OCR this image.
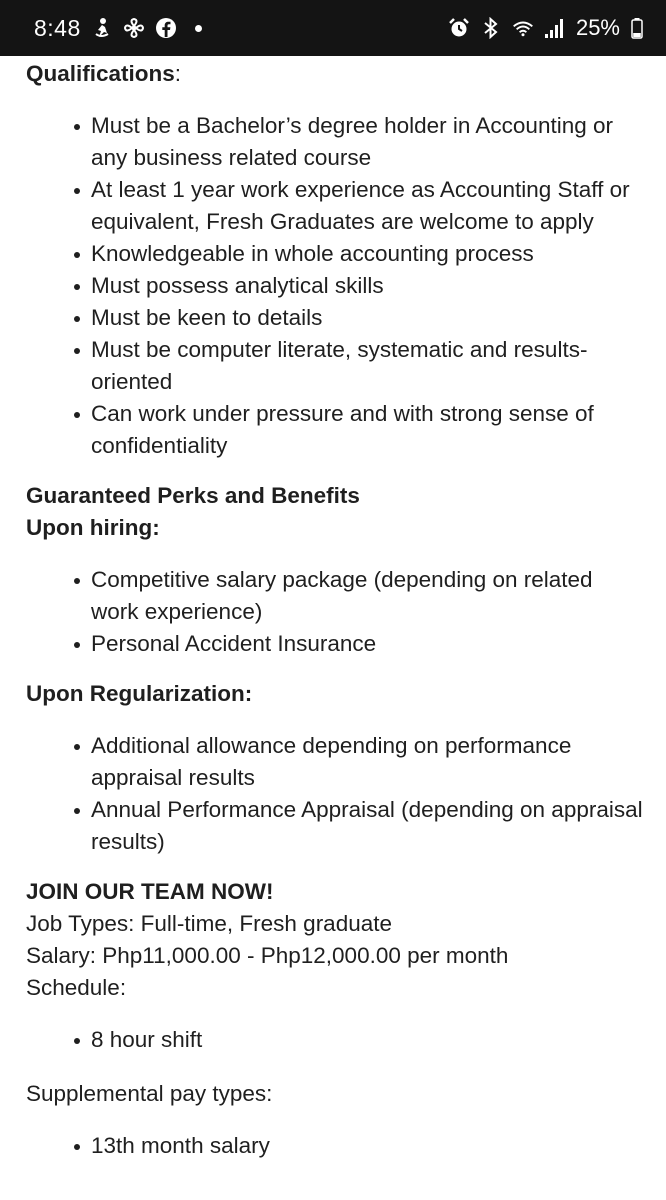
8:48	25%

Qualifications:

Must be a Bachelor’s degree holder in Accounting or any business related course
At least 1 year work experience as Accounting Staff or equivalent, Fresh Graduates are welcome to apply
Knowledgeable in whole accounting process
Must possess analytical skills
Must be keen to details
Must be computer literate, systematic and results-oriented
Can work under pressure and with strong sense of confidentiality

Guaranteed Perks and Benefits

Upon hiring:

Competitive salary package (depending on related work experience)
Personal Accident Insurance

Upon Regularization:

Additional allowance depending on performance appraisal results
Annual Performance Appraisal (depending on appraisal results)

JOIN OUR TEAM NOW!

Job Types: Full-time, Fresh graduate

Salary: Php11,000.00 - Php12,000.00 per month

Schedule:

8 hour shift

Supplemental pay types:

13th month salary
